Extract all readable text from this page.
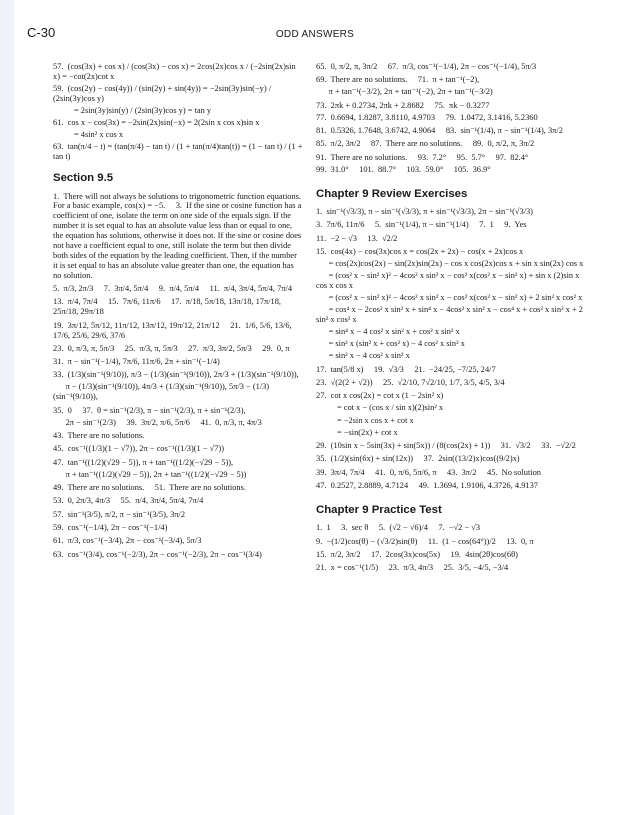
C-30	ODD ANSWERS
57.  (cos(3x) + cos x) / (cos(3x) − cos x) = 2cos(2x)cos x / (−2sin(2x)sin x) = −cot(2x)cot x
59.  (cos(2y) − cos(4y)) / (sin(2y) + sin(4y)) = −2sin(3y)sin(−y) / (2sin(3y)cos y)
= 2sin(3y)sin(y) / (2sin(3y)cos y) = tan y
61.  cos x − cos(3x) = −2sin(2x)sin(−x) = 2(2sin x cos x)sin x
= 4sin² x cos x
63.  tan(π/4 − t) = (tan(π/4) − tan t) / (1 + tan(π/4)tan(t)) = (1 − tan t) / (1 + tan t)
Section 9.5
1.  There will not always be solutions to trigonometric function equations. For a basic example, cos(x) = −5.     3.  If the sine or cosine function has a coefficient of one, isolate the term on one side of the equals sign. If the number it is set equal to has an absolute value less than or equal to one, the equation has solutions, otherwise it does not. If the sine or cosine does not have a coefficient equal to one, still isolate the term but then divide both sides of the equation by the leading coefficient. Then, if the number it is set equal to has an absolute value greater than one, the equation has no solution.
5.  π/3, 2π/3     7.  3π/4, 5π/4     9.  π/4, 5π/4     11.  π/4, 3π/4, 5π/4, 7π/4
13.  π/4, 7π/4     15.  7π/6, 11π/6     17.  π/18, 5π/18, 13π/18, 17π/18, 25π/18, 29π/18
19.  3π/12, 5π/12, 11π/12, 13π/12, 19π/12, 21π/12     21.  1/6, 5/6, 13/6, 17/6, 25/6, 29/6, 37/6
23.  0, π/3, π, 5π/3     25.  π/3, π, 5π/3     27.  π/3, 3π/2, 5π/3     29.  0, π
31.  π − sin⁻¹(−1/4), 7π/6, 11π/6, 2π + sin⁻¹(−1/4)
33.  (1/3)(sin⁻¹(9/10)), π/3 − (1/3)(sin⁻¹(9/10)), 2π/3 + (1/3)(sin⁻¹(9/10)),
π − (1/3)(sin⁻¹(9/10)), 4π/3 + (1/3)(sin⁻¹(9/10)), 5π/3 − (1/3)(sin⁻¹(9/10)),
35.  0     37.  θ = sin⁻¹(2/3), π − sin⁻¹(2/3), π + sin⁻¹(2/3),
2π − sin⁻¹(2/3)     39.  3π/2, π/6, 5π/6     41.  0, π/3, π, 4π/3
43.  There are no solutions.
45.  cos⁻¹((1/3)(1 − √7)), 2π − cos⁻¹((1/3)(1 − √7))
47.  tan⁻¹((1/2)(√29 − 5)), π + tan⁻¹((1/2)(−√29 − 5)),
π + tan⁻¹((1/2)(√29 − 5)), 2π + tan⁻¹((1/2)(−√29 − 5))
49.  There are no solutions.     51.  There are no solutions.
53.  0, 2π/3, 4π/3     55.  π/4, 3π/4, 5π/4, 7π/4
57.  sin⁻¹(3/5), π/2, π − sin⁻¹(3/5), 3π/2
59.  cos⁻¹(−1/4), 2π − cos⁻¹(−1/4)
61.  π/3, cos⁻¹(−3/4), 2π − cos⁻¹(−3/4), 5π/3
63.  cos⁻¹(3/4), cos⁻¹(−2/3), 2π − cos⁻¹(−2/3), 2π − cos⁻¹(3/4)
65.  0, π/2, π, 3π/2     67.  π/3, cos⁻¹(−1/4), 2π − cos⁻¹(−1/4), 5π/3
69.  There are no solutions.     71.  π + tan⁻¹(−2),
π + tan⁻¹(−3/2), 2π + tan⁻¹(−2), 2π + tan⁻¹(−3/2)
73.  2πk + 0.2734, 2πk + 2.8682     75.  πk − 0.3277
77.  0.6694, 1.8287, 3.8110, 4.9703     79.  1.0472, 3.1416, 5.2360
81.  0.5326, 1.7648, 3.6742, 4.9064     83.  sin⁻¹(1/4), π − sin⁻¹(1/4), 3π/2
85.  π/2, 3π/2     87.  There are no solutions.     89.  0, π/2, π, 3π/2
91.  There are no solutions.     93.  7.2°     95.  5.7°     97.  82.4°
99.  31.0°     101.  88.7°     103.  59.0°     105.  36.9°
Chapter 9 Review Exercises
1.  sin⁻¹(√3/3), π − sin⁻¹(√3/3), π + sin⁻¹(√3/3), 2π − sin⁻¹(√3/3)
3.  7π/6, 11π/6     5.  sin⁻¹(1/4), π − sin⁻¹(1/4)     7.  1     9.  Yes
11.  −2 − √3     13.  √2/2
15.  cos(4x) − cos(3x)cos x = cos(2x + 2x) − cos(x + 2x)cos x
= cos(2x)cos(2x) − sin(2x)sin(2x) − cos x cos(2x)cos x + sin x sin(2x) cos x
= (cos² x − sin² x)² − 4cos² x sin² x − cos² x(cos² x − sin² x) + sin x (2)sin x cos x cos x
= (cos² x − sin² x)² − 4cos² x sin² x − cos² x(cos² x − sin² x) + 2 sin² x cos² x
= cos⁴ x − 2cos² x sin² x + sin⁴ x − 4cos² x sin² x − cos⁴ x + cos² x sin² x + 2 sin² x cos² x
= sin⁴ x − 4 cos² x sin² x + cos² x sin² x
= sin² x (sin² x + cos² x) − 4 cos² x sin² x
= sin² x − 4 cos² x sin² x
17.  tan(5/8 x)     19.  √3/3     21.  −24/25, −7/25, 24/7
23.  √(2(2 + √2))     25.  √2/10, 7√2/10, 1/7, 3/5, 4/5, 3/4
27.  cot x cos(2x) = cot x (1 − 2sin² x)
= cot x − (cos x / sin x)(2)sin² x
= −2sin x cos x + cot x
= −sin(2x) + cot x
29.  (10sin x − 5sin(3x) + sin(5x)) / (8(cos(2x) + 1))     31.  √3/2     33.  −√2/2
35.  (1/2)(sin(6x) + sin(12x))     37.  2sin((13/2)x)cos((9/2)x)
39.  3π/4, 7π/4     41.  0, π/6, 5π/6, π     43.  3π/2     45.  No solution
47.  0.2527, 2.8889, 4.7124     49.  1.3694, 1.9106, 4.3726, 4.9137
Chapter 9 Practice Test
1.  1     3.  sec θ     5.  (√2 − √6)/4     7.  −√2 − √3
9.  −(1/2)cos(θ) − (√3/2)sin(θ)     11.  (1 − cos(64°))/2     13.  0, π
15.  π/2, 3π/2     17.  2cos(3x)cos(5x)     19.  4sin(2θ)cos(6θ)
21.  x = cos⁻¹(1/5)     23.  π/3, 4π/3     25.  3/5, −4/5, −3/4
